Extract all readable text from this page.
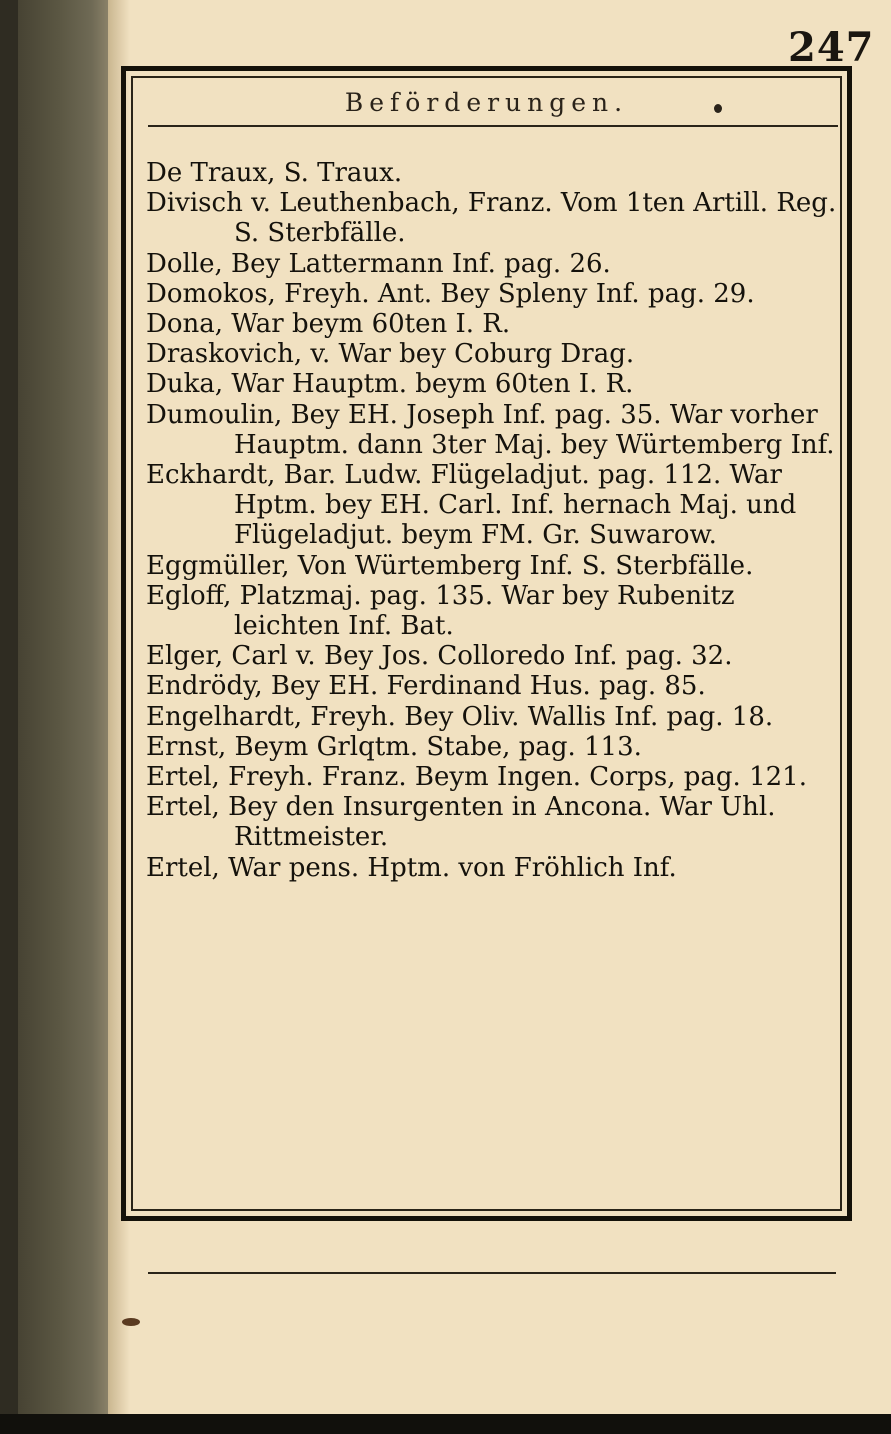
247
Beförderungen.

De Traux, S. Traux.

Divisch v. Leuthenbach, Franz. Vom 1ten Artill. Reg. S. Sterbfälle.

Dolle, Bey Lattermann Inf. pag. 26.

Domokos, Freyh. Ant. Bey Spleny Inf. pag. 29.

Dona, War beym 60ten I. R.

Draskovich, v. War bey Coburg Drag.

Duka, War Hauptm. beym 60ten I. R.

Dumoulin, Bey EH. Joseph Inf. pag. 35. War vorher Hauptm. dann 3ter Maj. bey Würtemberg Inf.

Eckhardt, Bar. Ludw. Flügeladjut. pag. 112. War Hptm. bey EH. Carl. Inf. hernach Maj. und Flügeladjut. beym FM. Gr. Suwarow.

Eggmüller, Von Würtemberg Inf. S. Sterbfälle.

Egloff, Platzmaj. pag. 135. War bey Rubenitz leichten Inf. Bat.

Elger, Carl v. Bey Jos. Colloredo Inf. pag. 32.

Endrödy, Bey EH. Ferdinand Hus. pag. 85.

Engelhardt, Freyh. Bey Oliv. Wallis Inf. pag. 18.

Ernst, Beym Grlqtm. Stabe, pag. 113.

Ertel, Freyh. Franz. Beym Ingen. Corps, pag. 121.

Ertel, Bey den Insurgenten in Ancona. War Uhl. Rittmeister.

Ertel, War pens. Hptm. von Fröhlich Inf.
